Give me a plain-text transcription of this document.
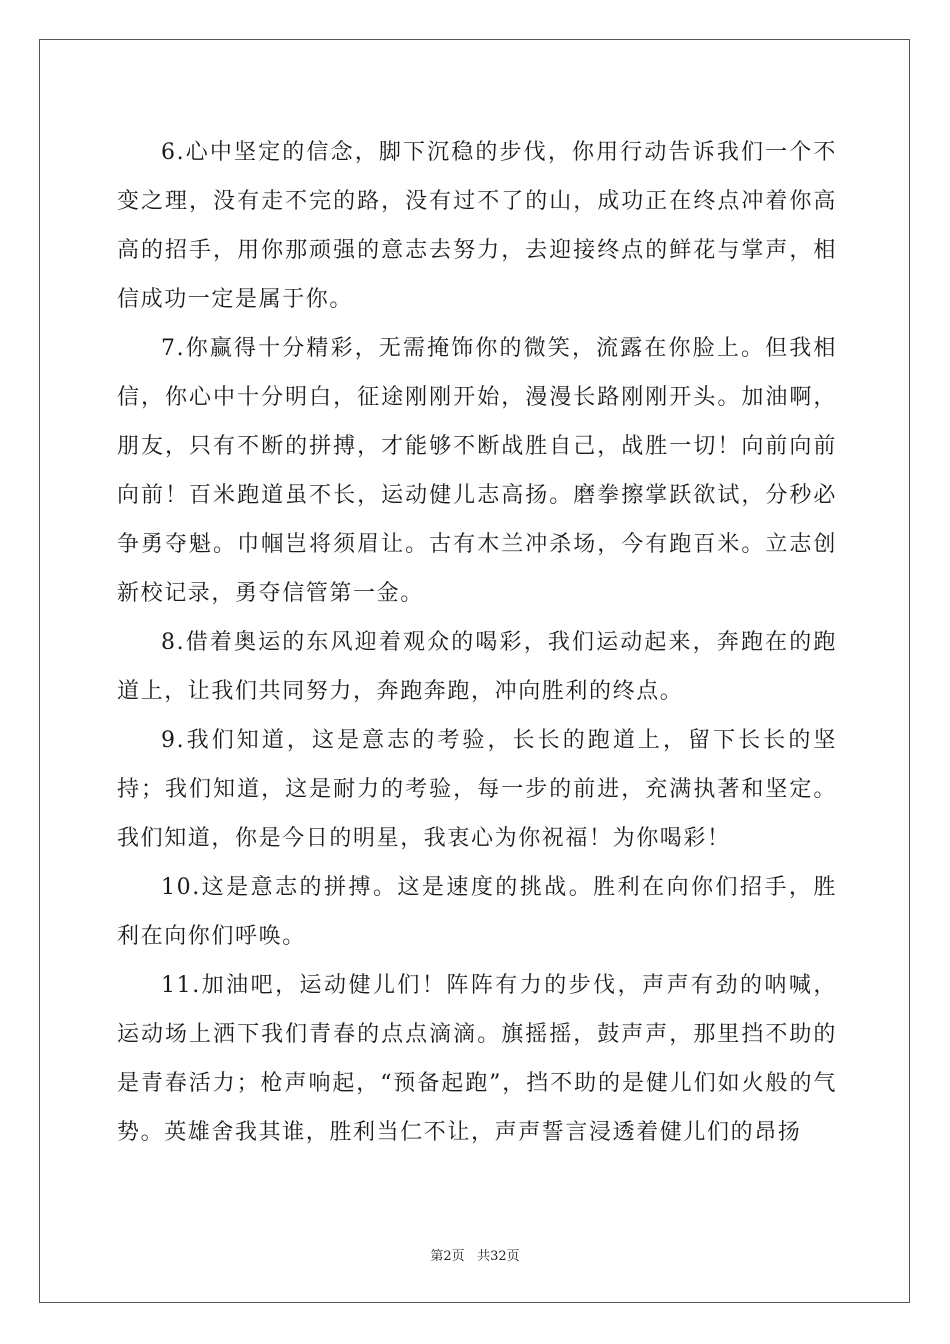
6.心中坚定的信念，脚下沉稳的步伐，你用行动告诉我们一个不变之理，没有走不完的路，没有过不了的山，成功正在终点冲着你高高的招手，用你那顽强的意志去努力，去迎接终点的鲜花与掌声，相信成功一定是属于你。

7.你赢得十分精彩，无需掩饰你的微笑，流露在你脸上。但我相信，你心中十分明白，征途刚刚开始，漫漫长路刚刚开头。加油啊，朋友，只有不断的拼搏，才能够不断战胜自己，战胜一切！向前向前向前！百米跑道虽不长，运动健儿志高扬。磨拳擦掌跃欲试，分秒必争勇夺魁。巾帼岂将须眉让。古有木兰冲杀场，今有跑百米。立志创新校记录，勇夺信管第一金。

8.借着奥运的东风迎着观众的喝彩，我们运动起来，奔跑在的跑道上，让我们共同努力，奔跑奔跑，冲向胜利的终点。

9.我们知道，这是意志的考验，长长的跑道上，留下长长的坚持；我们知道，这是耐力的考验，每一步的前进，充满执著和坚定。我们知道，你是今日的明星，我衷心为你祝福！为你喝彩！

10.这是意志的拼搏。这是速度的挑战。胜利在向你们招手，胜利在向你们呼唤。

11.加油吧，运动健儿们！阵阵有力的步伐，声声有劲的呐喊，运动场上洒下我们青春的点点滴滴。旗摇摇，鼓声声，那里挡不助的是青春活力；枪声响起，“预备起跑”，挡不助的是健儿们如火般的气势。英雄舍我其谁，胜利当仁不让，声声誓言浸透着健儿们的昂扬

第2页 共32页
